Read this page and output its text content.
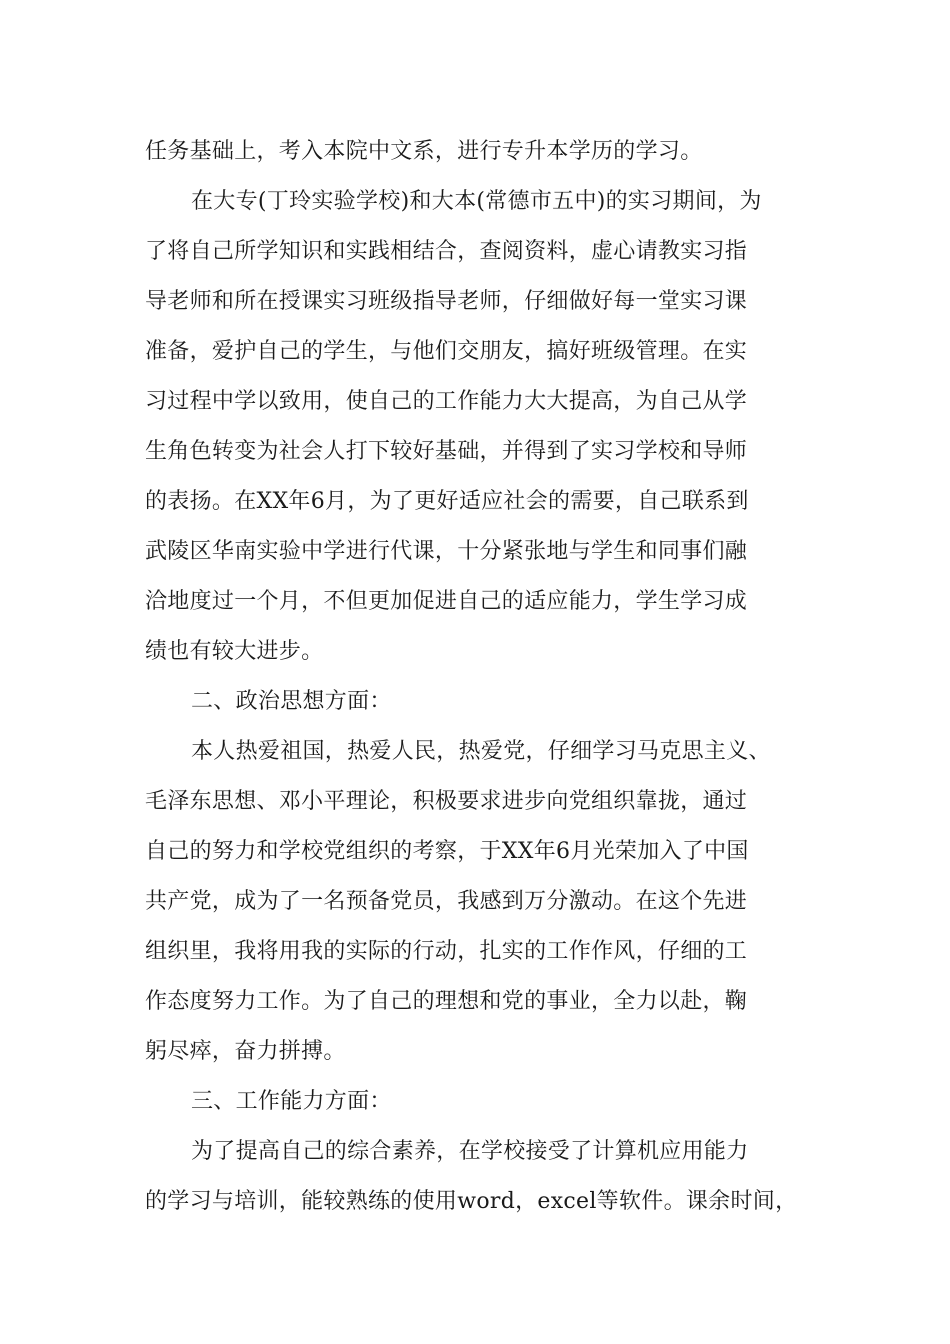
任务基础上，考入本院中文系，进行专升本学历的学习。
在大专(丁玲实验学校)和大本(常德市五中)的实习期间，为
了将自己所学知识和实践相结合，查阅资料，虚心请教实习指
导老师和所在授课实习班级指导老师，仔细做好每一堂实习课
准备，爱护自己的学生，与他们交朋友，搞好班级管理。在实
习过程中学以致用，使自己的工作能力大大提高，为自己从学
生角色转变为社会人打下较好基础，并得到了实习学校和导师
的表扬。在XX年6月，为了更好适应社会的需要，自己联系到
武陵区华南实验中学进行代课，十分紧张地与学生和同事们融
洽地度过一个月，不但更加促进自己的适应能力，学生学习成
绩也有较大进步。
二、政治思想方面：
本人热爱祖国，热爱人民，热爱党，仔细学习马克思主义、
毛泽东思想、邓小平理论，积极要求进步向党组织靠拢，通过
自己的努力和学校党组织的考察，于XX年6月光荣加入了中国
共产党，成为了一名预备党员，我感到万分激动。在这个先进
组织里，我将用我的实际的行动，扎实的工作作风，仔细的工
作态度努力工作。为了自己的理想和党的事业，全力以赴，鞠
躬尽瘁，奋力拼搏。
三、工作能力方面：
为了提高自己的综合素养，在学校接受了计算机应用能力
的学习与培训，能较熟练的使用word，excel等软件。课余时间，
